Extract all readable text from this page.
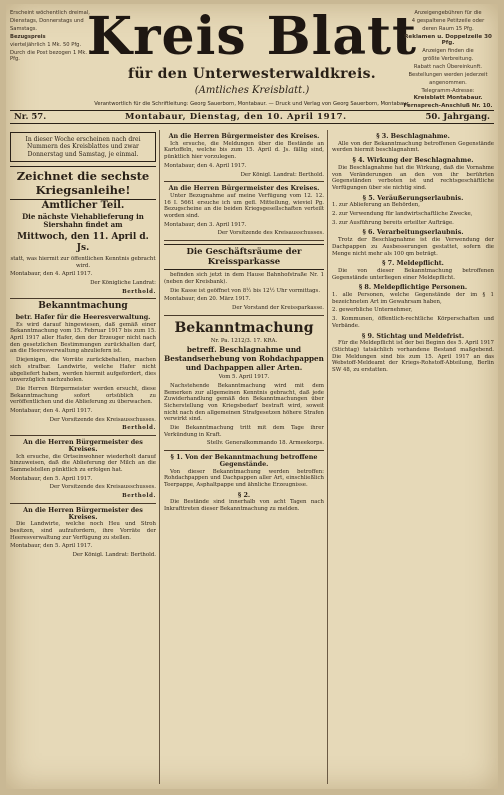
Erscheint wöchentlich dreimal,

Dienstags, Donnerstags und

Samstags.

Bezugspreis

vierteljährlich 1 Mk. 50 Pfg.

Durch die Post bezogen 1 Mk. 50 Pfg.	Kreis Blatt
für den Unterwesterwaldkreis.
(Amtliches Kreisblatt.)

Anzeigengebühren für die

4 gespaltene Petitzeile oder

deren Raum 15 Pfg.

Reklamen u. Doppelzeile 30 Pfg.

Anzeigen finden die

größte Verbreitung.

Rabatt nach Übereinkunft.

Bestellungen werden jederzeit

angenommen.

Telegramm-Adresse:

Kreisblatt Montabaur.

Fernsprech-Anschluß Nr. 10.

Verantwortlich für die Schriftleitung: Georg Sauerborn, Montabaur. — Druck und Verlag von Georg Sauerborn, Montabaur.
Nr. 57.	Montabaur, Dienstag, den 10. April 1917.	50. Jahrgang.
In dieser Woche erscheinen nach drei Nummern des Kreisblattes und zwar Donnerstag und Samstag, je einmal.
Zeichnet die sechste Kriegsanleihe!
Amtlicher Teil.
Die nächste Viehablieferung in Siershahn findet am
Mittwoch, den 11. April d. Js.

statt, was hiermit zur öffentlichen Kenntnis gebracht wird.

Montabaur, den 4. April 1917.

Der Königliche Landrat:

Berthold.

Bekanntmachung
betr. Hafer für die Heeresverwaltung.

Es wird darauf hingewiesen, daß gemäß einer Bekanntmachung vom 15. Februar 1917 bis zum 15. April 1917 aller Hafer, den der Erzeuger nicht nach den gesetzlichen Bestimmungen zurückhalten darf, an die Heeresverwaltung abzuliefern ist.

Diejenigen, die Vorräte zurückbehalten, machen sich strafbar. Landwirte, welche Hafer nicht abgeliefert haben, werden hiermit aufgefordert, dies unverzüglich nachzuholen.

Die Herren Bürgermeister werden ersucht, diese Bekanntmachung sofort ortsüblich zu veröffentlichen und die Ablieferung zu überwachen.

Montabaur, den 4. April 1917.

Der Vorsitzende des Kreisausschusses.

Berthold.

An die Herren Bürgermeister des Kreises.

Ich ersuche, die Ortseinwohner wiederholt darauf hinzuweisen, daß die Ablieferung der Milch an die Sammelstellen pünktlich zu erfolgen hat.

Montabaur, den 5. April 1917.

Der Vorsitzende des Kreisausschusses.

Berthold.

An die Herren Bürgermeister des Kreises.

Die Landwirte, welche noch Heu und Stroh besitzen, sind aufzufordern, ihre Vorräte der Heeresverwaltung zur Verfügung zu stellen.

Montabaur, den 5. April 1917.

Der Königl. Landrat: Berthold.

An die Herren Bürgermeister des Kreises.

Ich ersuche, die Meldungen über die Bestände an Kartoffeln, welche bis zum 15. April d. Js. fällig sind, pünktlich hier vorzulegen.

Montabaur, den 4. April 1917.

Der Königl. Landrat: Berthold.

An die Herren Bürgermeister des Kreises.

Unter Bezugnahme auf meine Verfügung vom 12. 12. 16 I. 5661 ersuche ich um gefl. Mitteilung, wieviel Pg. Bezugscheine an die beiden Kriegsgesellschaften verteilt worden sind.

Montabaur, den 3. April 1917.

Der Vorsitzende des Kreisausschusses.

Die Geschäftsräume der Kreissparkasse

befinden sich jetzt in dem Hause Bahnhofstraße Nr. 1 (neben der Kreisbank).

Die Kasse ist geöffnet von 8½ bis 12½ Uhr vormittags.

Montabaur, den 20. März 1917.

Der Vorstand der Kreissparkasse.

Bekanntmachung

Nr. Pa. 1212/3. 17. KRA.

betreff. Beschlagnahme und Bestandserhebung von Rohdachpappen und Dachpappen aller Arten.

Vom 5. April 1917.

Nachstehende Bekanntmachung wird mit dem Bemerken zur allgemeinen Kenntnis gebracht, daß jede Zuwiderhandlung gemäß den Bekanntmachungen über Sicherstellung von Kriegsbedarf bestraft wird, soweit nicht nach den allgemeinen Strafgesetzen höhere Strafen verwirkt sind.

Die Bekanntmachung tritt mit dem Tage ihrer Verkündung in Kraft.

Stellv. Generalkommando 18. Armeekorps.

§ 1. Von der Bekanntmachung betroffene Gegenstände.

Von dieser Bekanntmachung werden betroffen: Rohdachpappen und Dachpappen aller Art, einschließlich Teerpappe, Asphaltpappe und ähnliche Erzeugnisse.

§ 2.

Die Bestände sind innerhalb von acht Tagen nach Inkrafttreten dieser Bekanntmachung zu melden.

§ 3. Beschlagnahme.

Alle von der Bekanntmachung betroffenen Gegenstände werden hiermit beschlagnahmt.

§ 4. Wirkung der Beschlagnahme.

Die Beschlagnahme hat die Wirkung, daß die Vornahme von Veränderungen an den von ihr berührten Gegenständen verboten ist und rechtsgeschäftliche Verfügungen über sie nichtig sind.

§ 5. Veräußerungserlaubnis.

1. zur Ablieferung an Behörden,

2. zur Verwendung für landwirtschaftliche Zwecke,

3. zur Ausführung bereits erteilter Aufträge.

§ 6. Verarbeitungserlaubnis.

Trotz der Beschlagnahme ist die Verwendung der Dachpappen zu Ausbesserungen gestattet, sofern die Menge nicht mehr als 100 qm beträgt.

§ 7. Meldepflicht.

Die von dieser Bekanntmachung betroffenen Gegenstände unterliegen einer Meldepflicht.

§ 8. Meldepflichtige Personen.

1. alle Personen, welche Gegenstände der im § 1 bezeichneten Art im Gewahrsam haben,

2. gewerbliche Unternehmer,

3. Kommunen, öffentlich-rechtliche Körperschaften und Verbände.

§ 9. Stichtag und Meldefrist.

Für die Meldepflicht ist der bei Beginn des 5. April 1917 (Stichtag) tatsächlich vorhandene Bestand maßgebend. Die Meldungen sind bis zum 15. April 1917 an das Webstoff-Meldeamt der Kriegs-Rohstoff-Abteilung, Berlin SW 48, zu erstatten.
